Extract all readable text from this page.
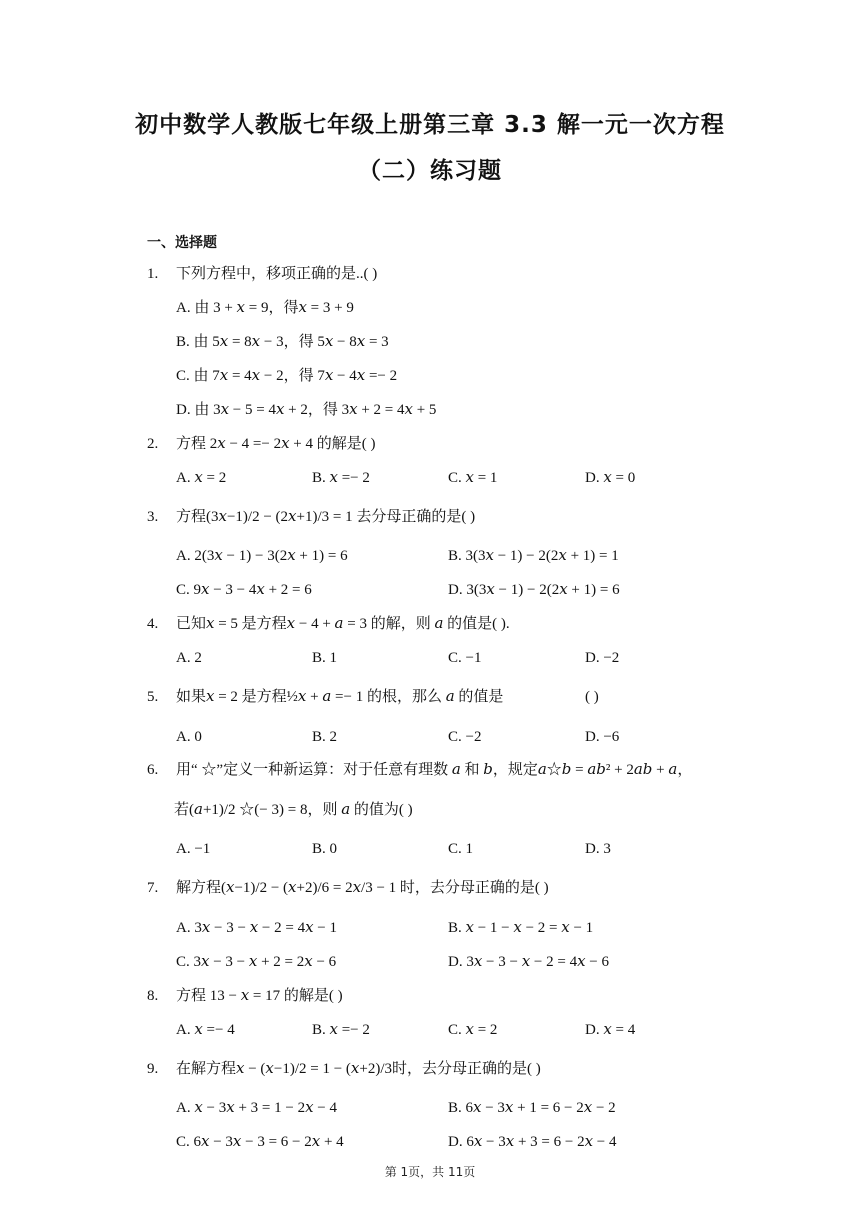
初中数学人教版七年级上册第三章 3.3 解一元一次方程
（二）练习题
一、选择题
1. 下列方程中，移项正确的是..( )
A. 由 3 + 𝑥 = 9，得𝑥 = 3 + 9
B. 由 5𝑥 = 8𝑥 − 3，得 5𝑥 − 8𝑥 = 3
C. 由 7𝑥 = 4𝑥 − 2，得 7𝑥 − 4𝑥 =− 2
D. 由 3𝑥 − 5 = 4𝑥 + 2，得 3𝑥 + 2 = 4𝑥 + 5
2. 方程 2𝑥 − 4 =− 2𝑥 + 4 的解是( )
A. 𝑥 = 2	B. 𝑥 =− 2	C. 𝑥 = 1	D. 𝑥 = 0
3. 方程(3𝑥−1)/2 − (2𝑥+1)/3 = 1 去分母正确的是( )
A. 2(3𝑥 − 1) − 3(2𝑥 + 1) = 6	B. 3(3𝑥 − 1) − 2(2𝑥 + 1) = 1
C. 9𝑥 − 3 − 4𝑥 + 2 = 6	D. 3(3𝑥 − 1) − 2(2𝑥 + 1) = 6
4. 已知𝑥 = 5 是方程𝑥 − 4 + 𝑎 = 3 的解，则 𝑎 的值是( ).
A. 2	B. 1	C. −1	D. −2
5. 如果𝑥 = 2 是方程½𝑥 + 𝑎 =− 1 的根，那么 𝑎 的值是	( )
A. 0	B. 2	C. −2	D. −6
6. 用“ ☆”定义一种新运算：对于任意有理数 𝑎 和 𝑏，规定𝑎☆𝑏 = 𝑎𝑏² + 2𝑎𝑏 + 𝑎，
若(𝑎+1)/2 ☆(− 3) = 8，则 𝑎 的值为( )
A. −1	B. 0	C. 1	D. 3
7. 解方程(𝑥−1)/2 − (𝑥+2)/6 = 2𝑥/3 − 1 时，去分母正确的是( )
A. 3𝑥 − 3 − 𝑥 − 2 = 4𝑥 − 1	B. 𝑥 − 1 − 𝑥 − 2 = 𝑥 − 1
C. 3𝑥 − 3 − 𝑥 + 2 = 2𝑥 − 6	D. 3𝑥 − 3 − 𝑥 − 2 = 4𝑥 − 6
8. 方程 13 − 𝑥 = 17 的解是( )
A. 𝑥 =− 4	B. 𝑥 =− 2	C. 𝑥 = 2	D. 𝑥 = 4
9. 在解方程𝑥 − (𝑥−1)/2 = 1 − (𝑥+2)/3时，去分母正确的是( )
A. 𝑥 − 3𝑥 + 3 = 1 − 2𝑥 − 4	B. 6𝑥 − 3𝑥 + 1 = 6 − 2𝑥 − 2
C. 6𝑥 − 3𝑥 − 3 = 6 − 2𝑥 + 4	D. 6𝑥 − 3𝑥 + 3 = 6 − 2𝑥 − 4
第 1页，共 11页
